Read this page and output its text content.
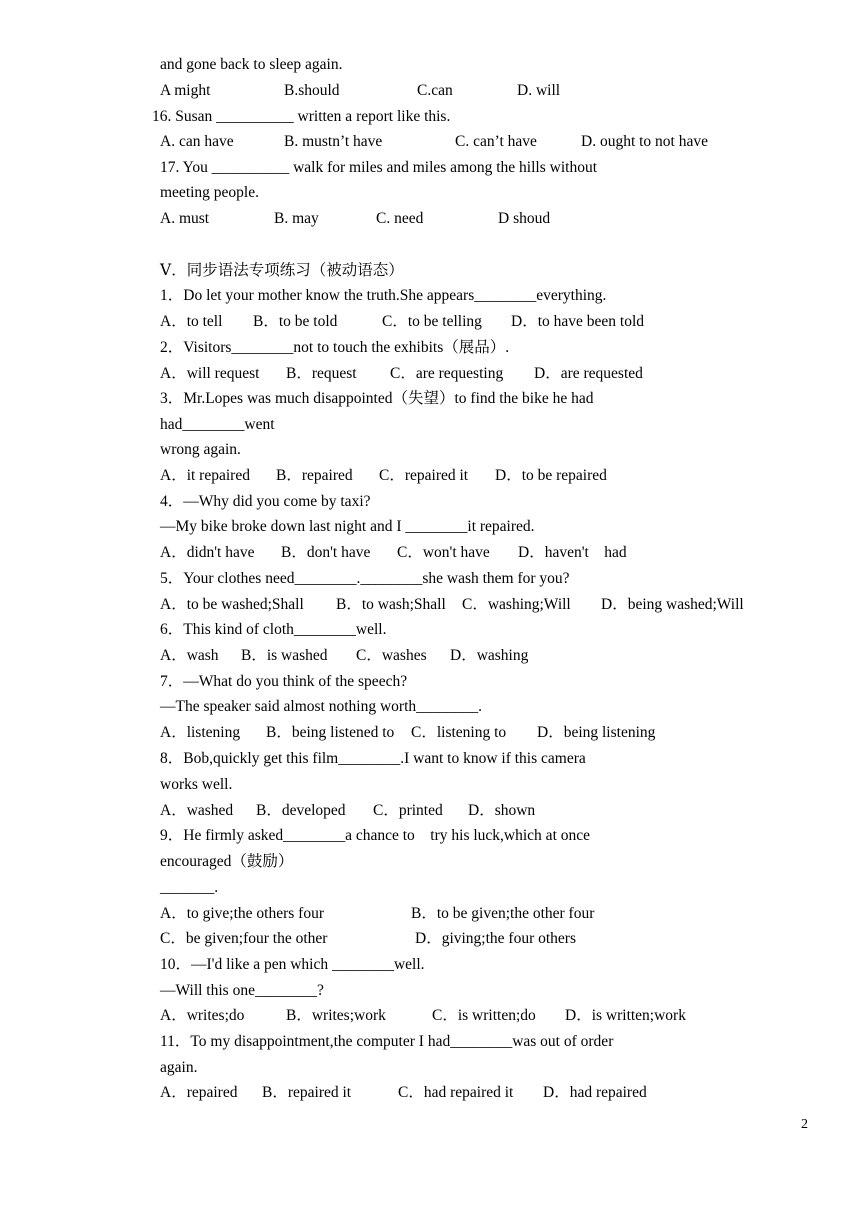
and gone back to sleep again.

A might

	B.should

	C.can

	D. will

16. Susan __________ written a report like this.

A. can have

	B. mustn’t have

	C. can’t have

	D. ought to not have

17. You __________ walk for miles and miles among the hills without
meeting people.

A. must

	B. may

	C. need

	D shoud

Ⅴ．同步语法专项练习（被动语态）
1．Do let your mother know the truth.She appears________everything.

A．to tell

B．to be told

	C．to be telling

D．to have been told

2．Visitors________not to touch the exhibits（展品）.

A．will request

B．request

C．are requesting

D．are requested

3．Mr.Lopes was much disappointed（失望）to find the bike he had
had________went
wrong again.

A．it repaired

B．repaired

C．repaired it

D．to be repaired

4．—Why did you come by taxi?
—My bike broke down last night and I ________it repaired.

A．didn't have

B．don't have

C．won't have

D．haven't    had

5．Your clothes need________.________she wash them for you?

A．to be washed;Shall

B．to wash;Shall

C．washing;Will

D．being washed;Will

6．This kind of cloth________well.

A．wash

B．is washed

C．washes

D．washing

7．—What do you think of the speech?
—The speaker said almost nothing worth________.

A．listening

B．being listened to

C．listening to

D．being listening

8．Bob,quickly get this film________.I want to know if this camera
works well.

A．washed

B．developed

C．printed

D．shown

9．He firmly asked________a chance to    try his luck,which at once
encouraged（鼓励）
_______.

A．to give;the others four

	B．to be given;the other four

C．be given;four the other

	D．giving;the four others

10．—I'd like a pen which ________well.
—Will this one________?

A．writes;do

	B．writes;work

	C．is written;do

D．is written;work

11．To my disappointment,the computer I had________was out of order
again.

A．repaired

B．repaired it

	C．had repaired it

D．had repaired

2
